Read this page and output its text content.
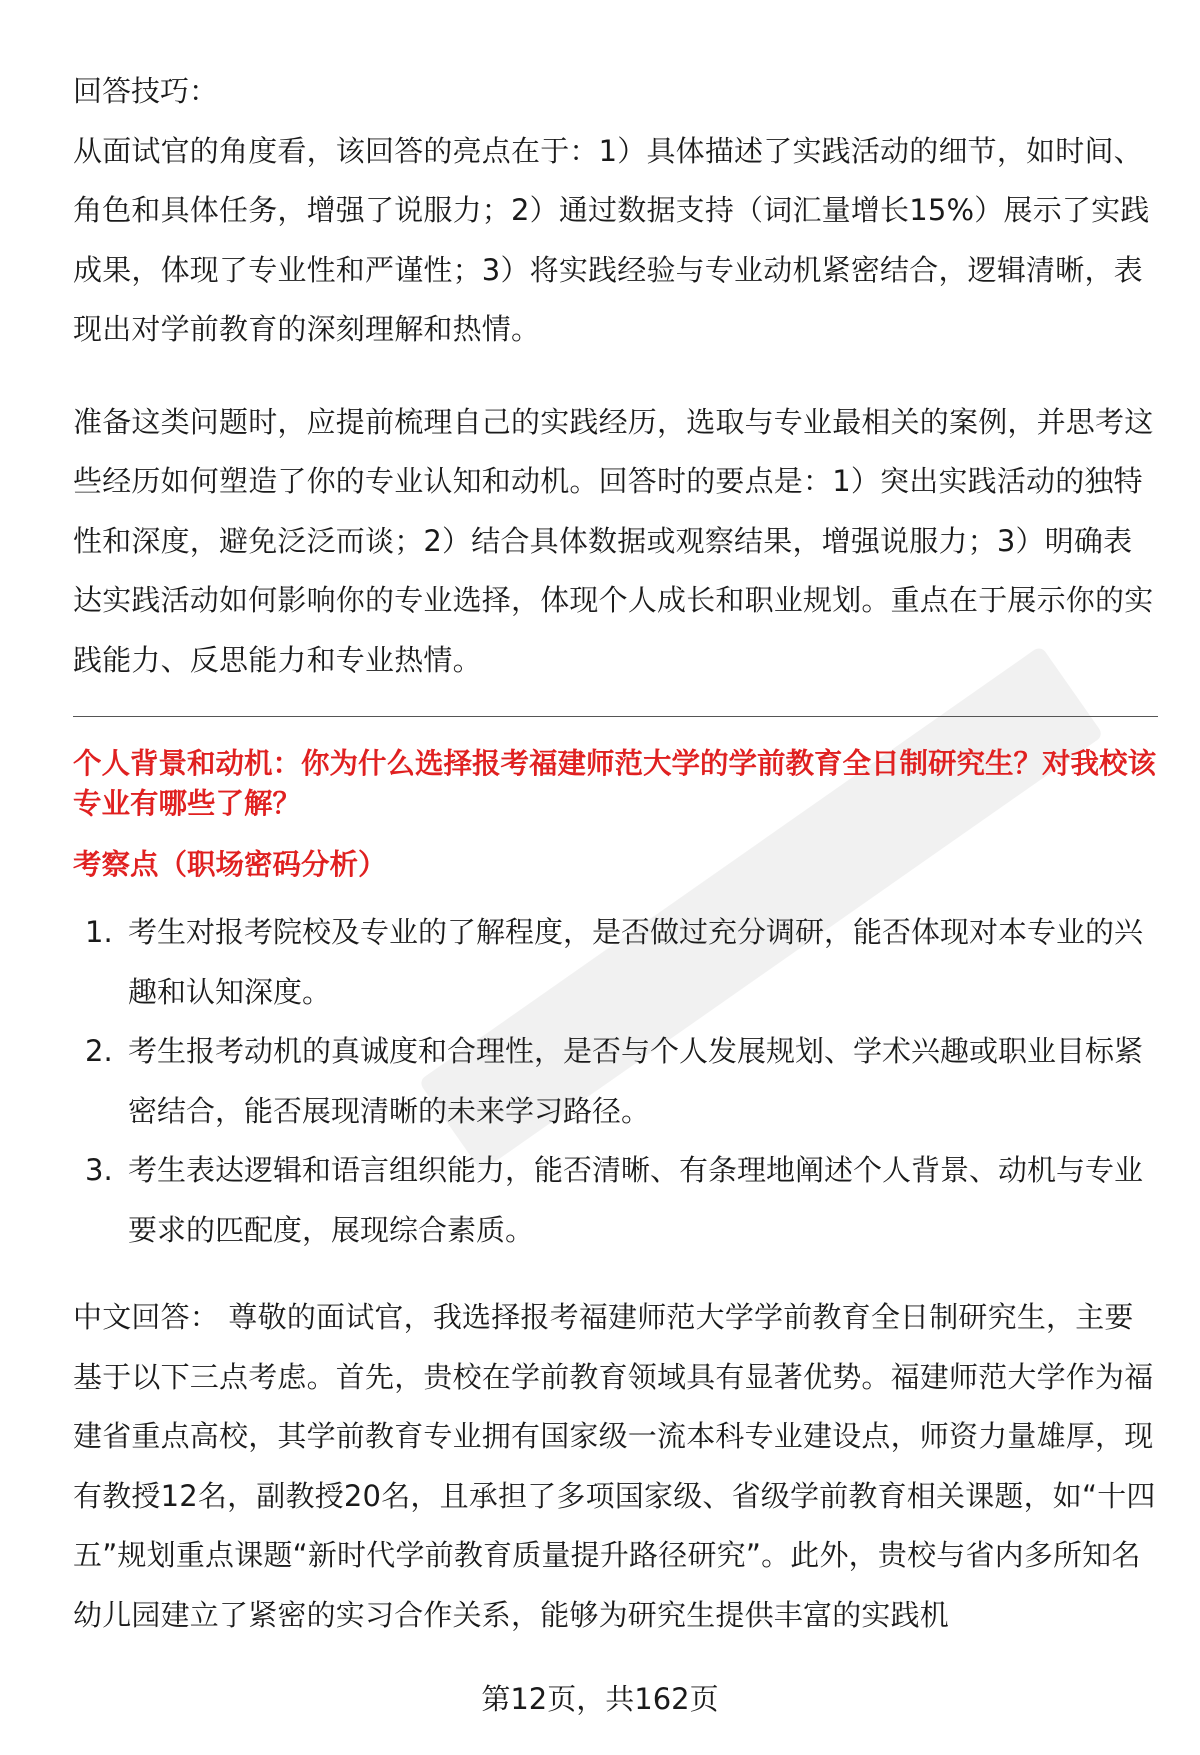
回答技巧：

从面试官的角度看，该回答的亮点在于：1）具体描述了实践活动的细节，如时间、角色和具体任务，增强了说服力；2）通过数据支持（词汇量增长15%）展示了实践成果，体现了专业性和严谨性；3）将实践经验与专业动机紧密结合，逻辑清晰，表现出对学前教育的深刻理解和热情。

准备这类问题时，应提前梳理自己的实践经历，选取与专业最相关的案例，并思考这些经历如何塑造了你的专业认知和动机。回答时的要点是：1）突出实践活动的独特性和深度，避免泛泛而谈；2）结合具体数据或观察结果，增强说服力；3）明确表达实践活动如何影响你的专业选择，体现个人成长和职业规划。重点在于展示你的实践能力、反思能力和专业热情。

个人背景和动机：你为什么选择报考福建师范大学的学前教育全日制研究生？对我校该专业有哪些了解？

考察点（职场密码分析）

1. 考生对报考院校及专业的了解程度，是否做过充分调研，能否体现对本专业的兴趣和认知深度。
2. 考生报考动机的真诚度和合理性，是否与个人发展规划、学术兴趣或职业目标紧密结合，能否展现清晰的未来学习路径。
3. 考生表达逻辑和语言组织能力，能否清晰、有条理地阐述个人背景、动机与专业要求的匹配度，展现综合素质。

中文回答： 尊敬的面试官，我选择报考福建师范大学学前教育全日制研究生，主要基于以下三点考虑。首先，贵校在学前教育领域具有显著优势。福建师范大学作为福建省重点高校，其学前教育专业拥有国家级一流本科专业建设点，师资力量雄厚，现有教授12名，副教授20名，且承担了多项国家级、省级学前教育相关课题，如“十四五”规划重点课题“新时代学前教育质量提升路径研究”。此外，贵校与省内多所知名幼儿园建立了紧密的实习合作关系，能够为研究生提供丰富的实践机

第12页，共162页
